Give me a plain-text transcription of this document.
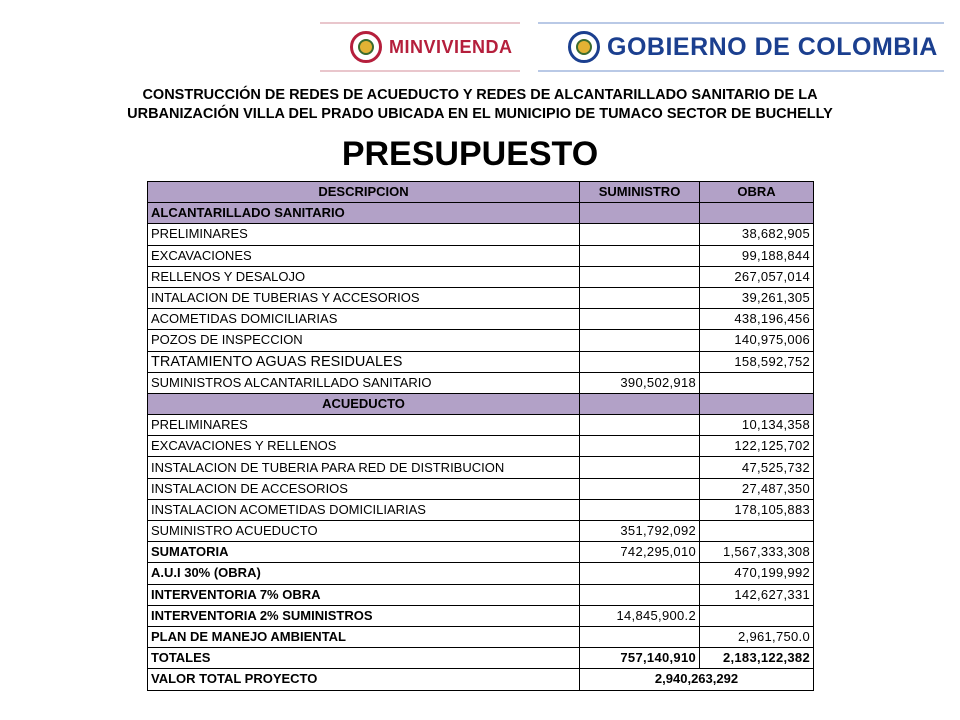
MINVIVIENDA	GOBIERNO DE COLOMBIA
CONSTRUCCIÓN DE REDES DE ACUEDUCTO Y REDES DE ALCANTARILLADO SANITARIO DE LA
URBANIZACIÓN VILLA DEL PRADO UBICADA EN EL MUNICIPIO DE TUMACO SECTOR DE BUCHELLY
PRESUPUESTO
DESCRIPCION	SUMINISTRO	OBRA
ALCANTARILLADO SANITARIO		
PRELIMINARES		38,682,905
EXCAVACIONES		99,188,844
RELLENOS Y DESALOJO		267,057,014
INTALACION DE TUBERIAS Y ACCESORIOS		39,261,305
ACOMETIDAS DOMICILIARIAS		438,196,456
POZOS DE INSPECCION		140,975,006
TRATAMIENTO AGUAS RESIDUALES		158,592,752
SUMINISTROS ALCANTARILLADO SANITARIO	390,502,918	
ACUEDUCTO		
PRELIMINARES		10,134,358
EXCAVACIONES Y RELLENOS		122,125,702
INSTALACION DE TUBERIA PARA RED DE DISTRIBUCION		47,525,732
INSTALACION DE ACCESORIOS		27,487,350
INSTALACION ACOMETIDAS DOMICILIARIAS		178,105,883
SUMINISTRO ACUEDUCTO	351,792,092	
SUMATORIA	742,295,010	1,567,333,308
A.U.I 30% (OBRA)		470,199,992
INTERVENTORIA 7% OBRA		142,627,331
INTERVENTORIA 2% SUMINISTROS	14,845,900.2	
PLAN DE MANEJO AMBIENTAL		2,961,750.0
TOTALES	757,140,910	2,183,122,382
VALOR TOTAL PROYECTO	2,940,263,292	
